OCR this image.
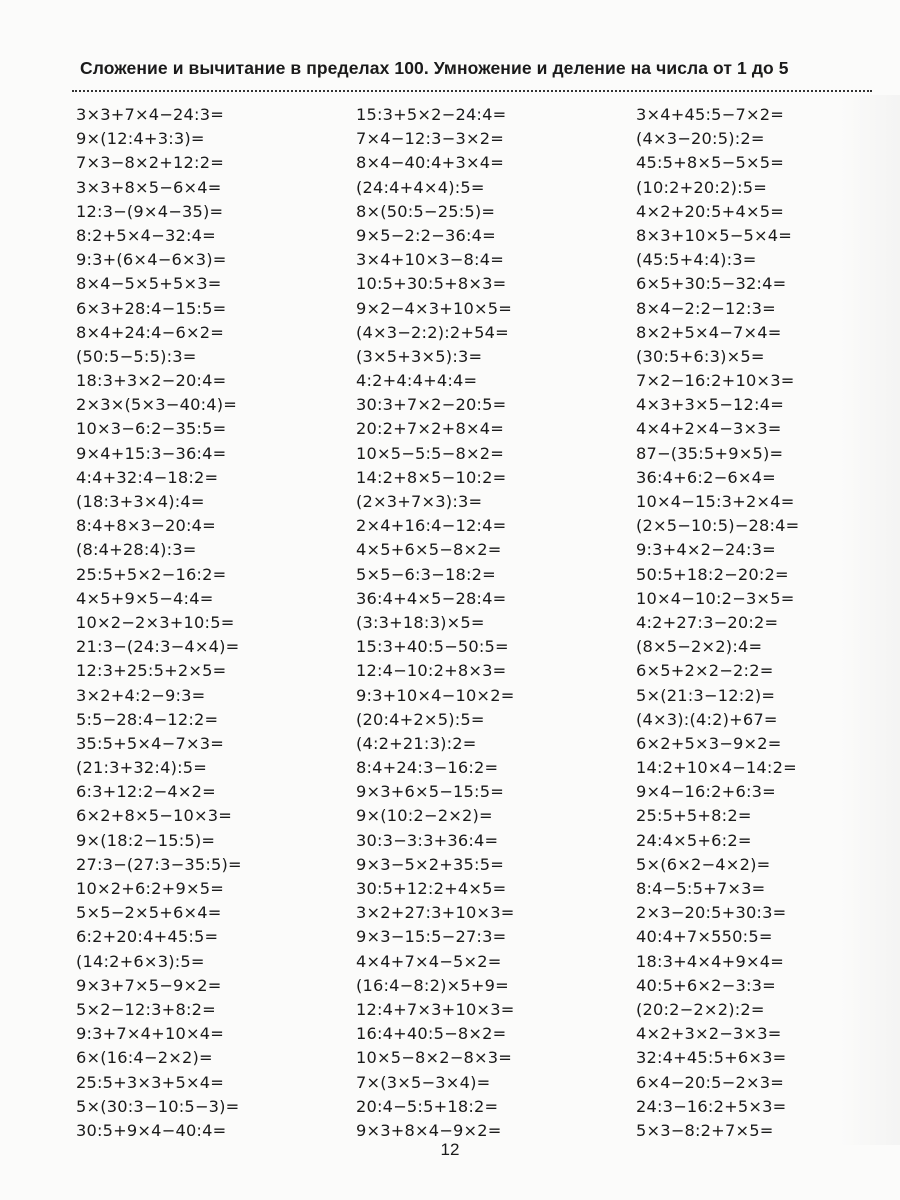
Сложение и вычитание в пределах 100. Умножение и деление на числа от 1 до 5
3×3+7×4−24:3=
9×(12:4+3:3)=
7×3−8×2+12:2=
3×3+8×5−6×4=
12:3−(9×4−35)=
8:2+5×4−32:4=
9:3+(6×4−6×3)=
8×4−5×5+5×3=
6×3+28:4−15:5=
8×4+24:4−6×2=
(50:5−5:5):3=
18:3+3×2−20:4=
2×3×(5×3−40:4)=
10×3−6:2−35:5=
9×4+15:3−36:4=
4:4+32:4−18:2=
(18:3+3×4):4=
8:4+8×3−20:4=
(8:4+28:4):3=
25:5+5×2−16:2=
4×5+9×5−4:4=
10×2−2×3+10:5=
21:3−(24:3−4×4)=
12:3+25:5+2×5=
3×2+4:2−9:3=
5:5−28:4−12:2=
35:5+5×4−7×3=
(21:3+32:4):5=
6:3+12:2−4×2=
6×2+8×5−10×3=
9×(18:2−15:5)=
27:3−(27:3−35:5)=
10×2+6:2+9×5=
5×5−2×5+6×4=
6:2+20:4+45:5=
(14:2+6×3):5=
9×3+7×5−9×2=
5×2−12:3+8:2=
9:3+7×4+10×4=
6×(16:4−2×2)=
25:5+3×3+5×4=
5×(30:3−10:5−3)=
30:5+9×4−40:4=
15:3+5×2−24:4=
7×4−12:3−3×2=
8×4−40:4+3×4=
(24:4+4×4):5=
8×(50:5−25:5)=
9×5−2:2−36:4=
3×4+10×3−8:4=
10:5+30:5+8×3=
9×2−4×3+10×5=
(4×3−2:2):2+54=
(3×5+3×5):3=
4:2+4:4+4:4=
30:3+7×2−20:5=
20:2+7×2+8×4=
10×5−5:5−8×2=
14:2+8×5−10:2=
(2×3+7×3):3=
2×4+16:4−12:4=
4×5+6×5−8×2=
5×5−6:3−18:2=
36:4+4×5−28:4=
(3:3+18:3)×5=
15:3+40:5−50:5=
12:4−10:2+8×3=
9:3+10×4−10×2=
(20:4+2×5):5=
(4:2+21:3):2=
8:4+24:3−16:2=
9×3+6×5−15:5=
9×(10:2−2×2)=
30:3−3:3+36:4=
9×3−5×2+35:5=
30:5+12:2+4×5=
3×2+27:3+10×3=
9×3−15:5−27:3=
4×4+7×4−5×2=
(16:4−8:2)×5+9=
12:4+7×3+10×3=
16:4+40:5−8×2=
10×5−8×2−8×3=
7×(3×5−3×4)=
20:4−5:5+18:2=
9×3+8×4−9×2=
3×4+45:5−7×2=
(4×3−20:5):2=
45:5+8×5−5×5=
(10:2+20:2):5=
4×2+20:5+4×5=
8×3+10×5−5×4=
(45:5+4:4):3=
6×5+30:5−32:4=
8×4−2:2−12:3=
8×2+5×4−7×4=
(30:5+6:3)×5=
7×2−16:2+10×3=
4×3+3×5−12:4=
4×4+2×4−3×3=
87−(35:5+9×5)=
36:4+6:2−6×4=
10×4−15:3+2×4=
(2×5−10:5)−28:4=
9:3+4×2−24:3=
50:5+18:2−20:2=
10×4−10:2−3×5=
4:2+27:3−20:2=
(8×5−2×2):4=
6×5+2×2−2:2=
5×(21:3−12:2)=
(4×3):(4:2)+67=
6×2+5×3−9×2=
14:2+10×4−14:2=
9×4−16:2+6:3=
25:5+5+8:2=
24:4×5+6:2=
5×(6×2−4×2)=
8:4−5:5+7×3=
2×3−20:5+30:3=
40:4+7×550:5=
18:3+4×4+9×4=
40:5+6×2−3:3=
(20:2−2×2):2=
4×2+3×2−3×3=
32:4+45:5+6×3=
6×4−20:5−2×3=
24:3−16:2+5×3=
5×3−8:2+7×5=
12
